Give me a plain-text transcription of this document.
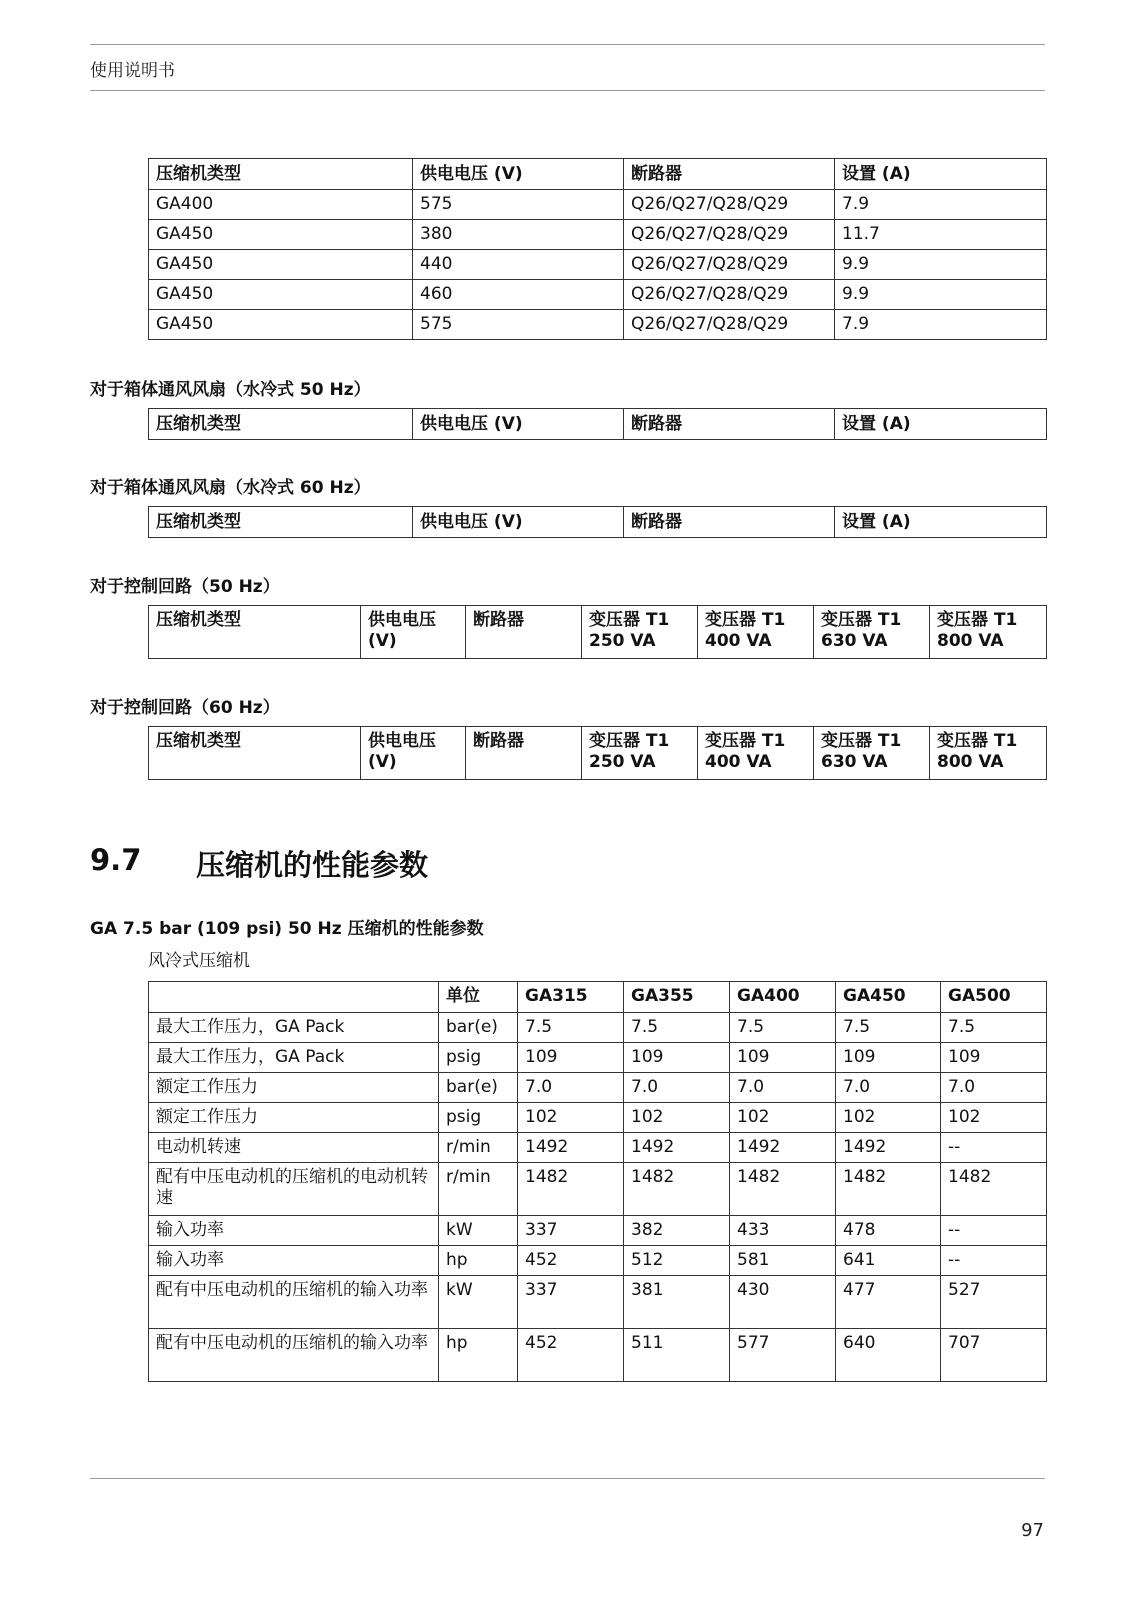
使用说明书
压缩机类型	供电电压 (V)	断路器	设置 (A)
GA400	575	Q26/Q27/Q28/Q29	7.9
GA450	380	Q26/Q27/Q28/Q29	11.7
GA450	440	Q26/Q27/Q28/Q29	9.9
GA450	460	Q26/Q27/Q28/Q29	9.9
GA450	575	Q26/Q27/Q28/Q29	7.9
对于箱体通风风扇（水冷式 50 Hz）
压缩机类型	供电电压 (V)	断路器	设置 (A)
对于箱体通风风扇（水冷式 60 Hz）
压缩机类型	供电电压 (V)	断路器	设置 (A)
对于控制回路（50 Hz）
压缩机类型	供电电压 (V)	断路器	变压器 T1 250 VA	变压器 T1 400 VA	变压器 T1 630 VA	变压器 T1 800 VA
对于控制回路（60 Hz）
压缩机类型	供电电压 (V)	断路器	变压器 T1 250 VA	变压器 T1 400 VA	变压器 T1 630 VA	变压器 T1 800 VA
9.7 压缩机的性能参数
GA 7.5 bar (109 psi) 50 Hz 压缩机的性能参数
风冷式压缩机
	单位	GA315	GA355	GA400	GA450	GA500
最大工作压力，GA Pack	bar(e)	7.5	7.5	7.5	7.5	7.5
最大工作压力，GA Pack	psig	109	109	109	109	109
额定工作压力	bar(e)	7.0	7.0	7.0	7.0	7.0
额定工作压力	psig	102	102	102	102	102
电动机转速	r/min	1492	1492	1492	1492	--
配有中压电动机的压缩机的电动机转速	r/min	1482	1482	1482	1482	1482
输入功率	kW	337	382	433	478	--
输入功率	hp	452	512	581	641	--
配有中压电动机的压缩机的输入功率	kW	337	381	430	477	527
配有中压电动机的压缩机的输入功率	hp	452	511	577	640	707
97
